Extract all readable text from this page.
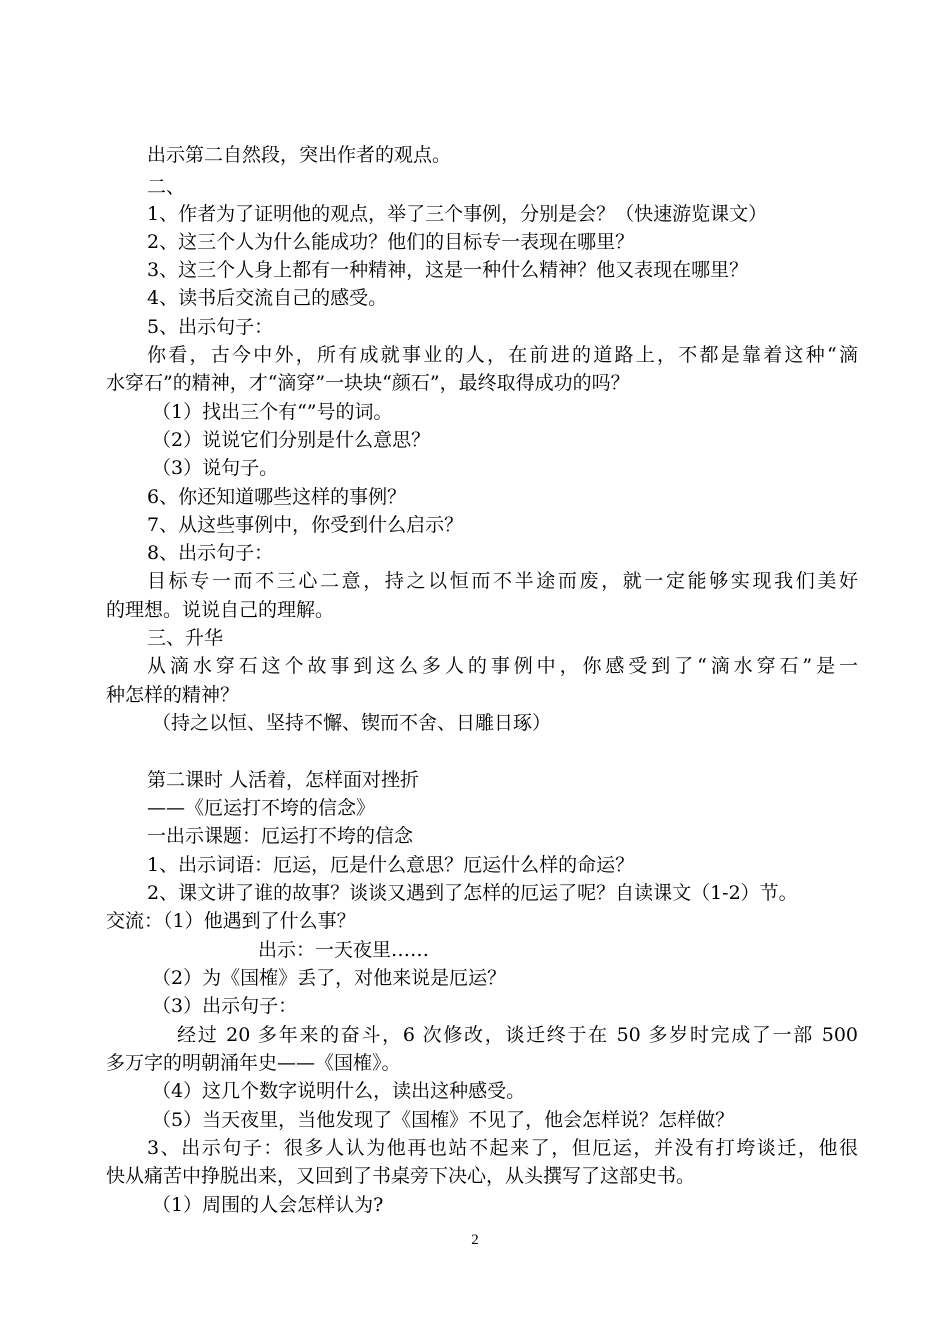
出示第二自然段，突出作者的观点。
二、
1、作者为了证明他的观点，举了三个事例，分别是会？（快速游览课文）
2、这三个人为什么能成功？他们的目标专一表现在哪里？
3、这三个人身上都有一种精神，这是一种什么精神？他又表现在哪里？
4、读书后交流自己的感受。
5、出示句子：
你看，古今中外，所有成就事业的人，在前进的道路上，不都是靠着这种“滴
水穿石”的精神，才“滴穿”一块块“颜石”，最终取得成功的吗？
（1）找出三个有“”号的词。
（2）说说它们分别是什么意思？
（3）说句子。
6、你还知道哪些这样的事例？
7、从这些事例中，你受到什么启示？
8、出示句子：
目标专一而不三心二意，持之以恒而不半途而废，就一定能够实现我们美好
的理想。说说自己的理解。
三、升华
从滴水穿石这个故事到这么多人的事例中，你感受到了“滴水穿石”是一
种怎样的精神？
（持之以恒、坚持不懈、锲而不舍、日雕日琢）
第二课时 人活着，怎样面对挫折
——《厄运打不垮的信念》
一出示课题：厄运打不垮的信念
1、出示词语：厄运，厄是什么意思？厄运什么样的命运？
2、课文讲了谁的故事？谈谈又遇到了怎样的厄运了呢？自读课文（1-2）节。
交流：（1）他遇到了什么事？
出示：一天夜里……
（2）为《国榷》丢了，对他来说是厄运？
（3）出示句子：
经过 20 多年来的奋斗，6 次修改，谈迁终于在 50 多岁时完成了一部 500
多万字的明朝涌年史——《国榷》。
（4）这几个数字说明什么，读出这种感受。
（5）当天夜里，当他发现了《国榷》不见了，他会怎样说？怎样做？
3、出示句子：很多人认为他再也站不起来了，但厄运，并没有打垮谈迁，他很
快从痛苦中挣脱出来，又回到了书桌旁下决心，从头撰写了这部史书。
（1）周围的人会怎样认为?
2
